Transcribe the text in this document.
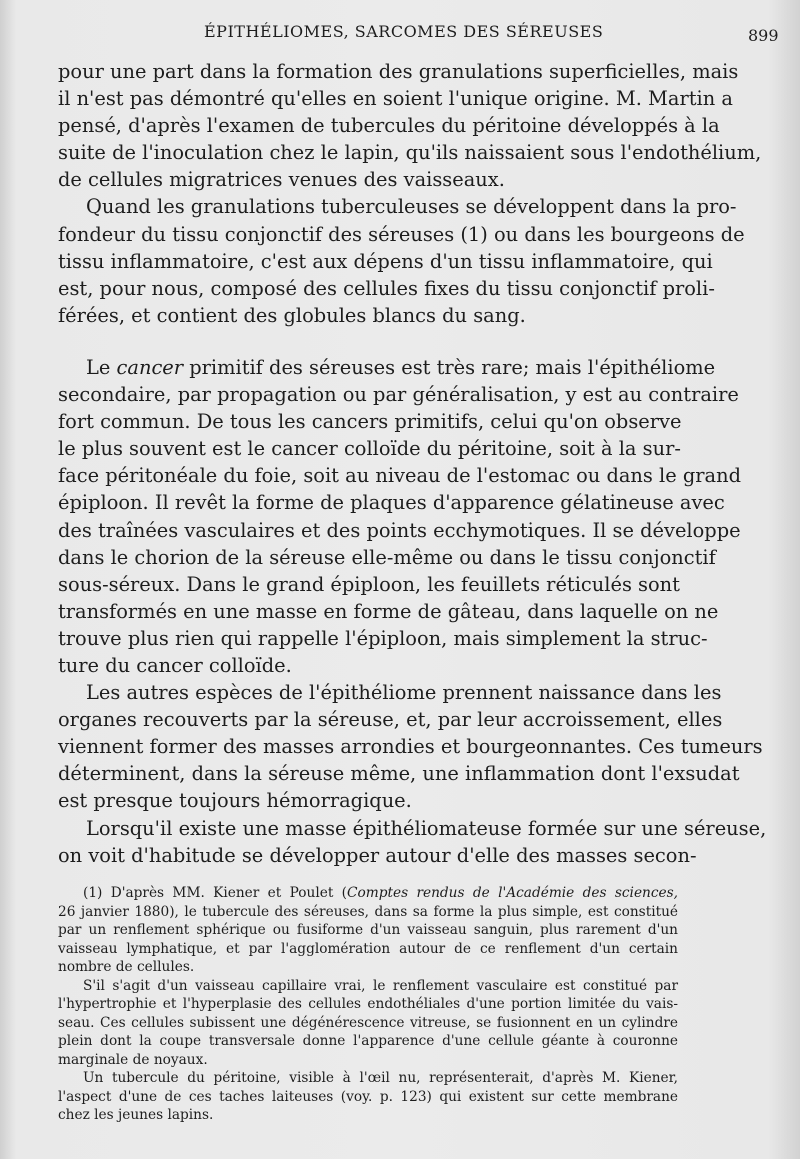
ÉPITHÉLIOMES, SARCOMES DES SÉREUSES	899
pour une part dans la formation des granulations superficielles, mais
il n'est pas démontré qu'elles en soient l'unique origine. M. Martin a
pensé, d'après l'examen de tubercules du péritoine développés à la
suite de l'inoculation chez le lapin, qu'ils naissaient sous l'endothélium,
de cellules migratrices venues des vaisseaux.
Quand les granulations tuberculeuses se développent dans la pro-
fondeur du tissu conjonctif des séreuses (1) ou dans les bourgeons de
tissu inflammatoire, c'est aux dépens d'un tissu inflammatoire, qui
est, pour nous, composé des cellules fixes du tissu conjonctif proli-
férées, et contient des globules blancs du sang.
Le cancer primitif des séreuses est très rare; mais l'épithéliome
secondaire, par propagation ou par généralisation, y est au contraire
fort commun. De tous les cancers primitifs, celui qu'on observe
le plus souvent est le cancer colloïde du péritoine, soit à la sur-
face péritonéale du foie, soit au niveau de l'estomac ou dans le grand
épiploon. Il revêt la forme de plaques d'apparence gélatineuse avec
des traînées vasculaires et des points ecchymotiques. Il se développe
dans le chorion de la séreuse elle-même ou dans le tissu conjonctif
sous-séreux. Dans le grand épiploon, les feuillets réticulés sont
transformés en une masse en forme de gâteau, dans laquelle on ne
trouve plus rien qui rappelle l'épiploon, mais simplement la struc-
ture du cancer colloïde.
Les autres espèces de l'épithéliome prennent naissance dans les
organes recouverts par la séreuse, et, par leur accroissement, elles
viennent former des masses arrondies et bourgeonnantes. Ces tumeurs
déterminent, dans la séreuse même, une inflammation dont l'exsudat
est presque toujours hémorragique.
Lorsqu'il existe une masse épithéliomateuse formée sur une séreuse,
on voit d'habitude se développer autour d'elle des masses secon-
(1) D'après MM. Kiener et Poulet (Comptes rendus de l'Académie des sciences,
26 janvier 1880), le tubercule des séreuses, dans sa forme la plus simple, est constitué
par un renflement sphérique ou fusiforme d'un vaisseau sanguin, plus rarement d'un
vaisseau lymphatique, et par l'agglomération autour de ce renflement d'un certain
nombre de cellules.
S'il s'agit d'un vaisseau capillaire vrai, le renflement vasculaire est constitué par
l'hypertrophie et l'hyperplasie des cellules endothéliales d'une portion limitée du vais-
seau. Ces cellules subissent une dégénérescence vitreuse, se fusionnent en un cylindre
plein dont la coupe transversale donne l'apparence d'une cellule géante à couronne
marginale de noyaux.
Un tubercule du péritoine, visible à l'œil nu, représenterait, d'après M. Kiener,
l'aspect d'une de ces taches laiteuses (voy. p. 123) qui existent sur cette membrane
chez les jeunes lapins.
